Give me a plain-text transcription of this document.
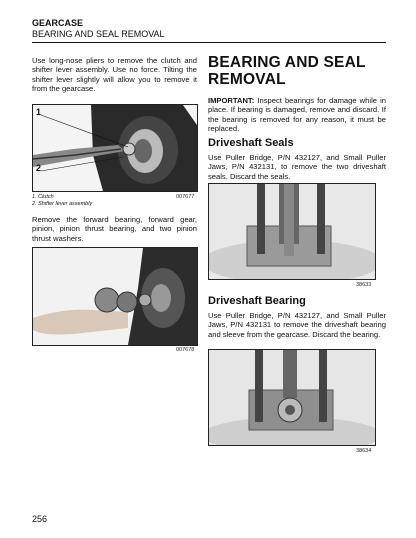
GEARCASE
BEARING AND SEAL REMOVAL

Use long-nose pliers to remove the clutch and shifter lever assembly. Use no force. Tilting the shifter lever slightly will allow you to remove it from the gearcase.

1
2
1. Clutch
2. Shifter lever assembly
007677

Remove the forward bearing, forward gear, pinion, pinion thrust bearing, and two pinion thrust washers.

007678
BEARING AND SEAL REMOVAL

IMPORTANT: Inspect bearings for damage while in place. If bearing is damaged, remove and discard. If the bearing is removed for any reason, it must be replaced.

Driveshaft Seals

Use Puller Bridge, P/N 432127, and Small Puller Jaws, P/N 432131, to remove the two driveshaft seals. Discard the seals.

38633
Driveshaft Bearing

Use Puller Bridge, P/N 432127, and Small Puller Jaws, P/N 432131 to remove the driveshaft bearing and sleeve from the gearcase. Discard the bearing.

38634
256
